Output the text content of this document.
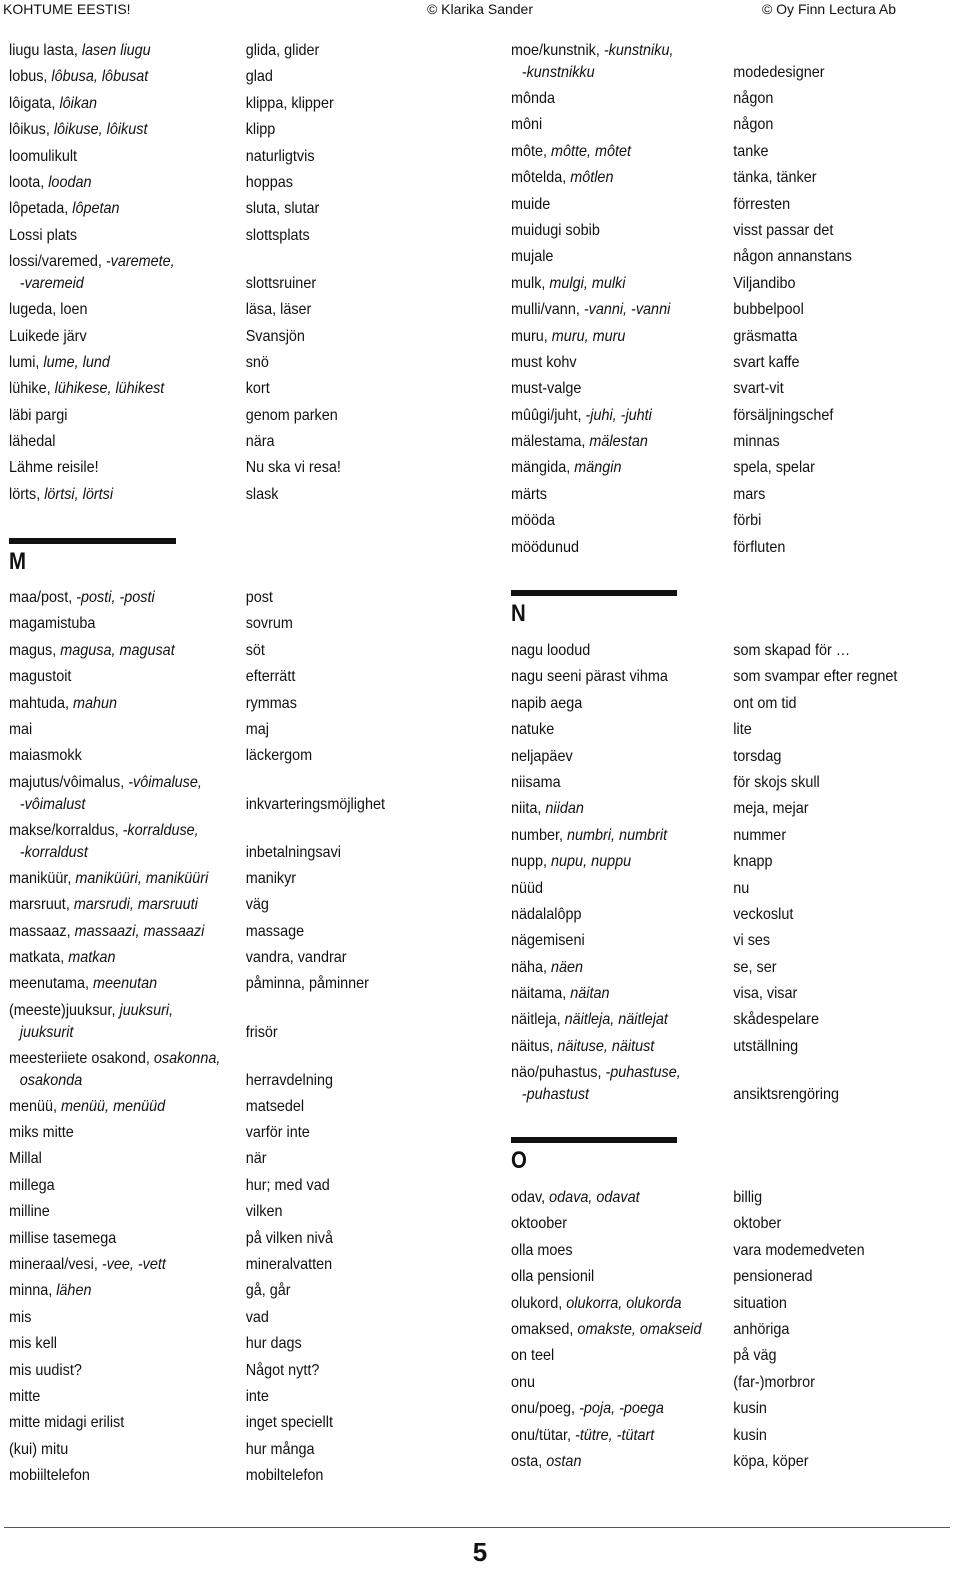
© Klarika Sander
KOHTUME EESTIS!	© Oy Finn Lectura Ab
liugu lasta, lasen liugu	glida, glider
lobus, lôbusa, lôbusat	glad
lôigata, lôikan	klippa, klipper
lôikus, lôikuse, lôikust	klipp
loomulikult	naturligtvis
loota, loodan	hoppas
lôpetada, lôpetan	sluta, slutar
Lossi plats	slottsplats
lossi/varemed, -varemete,
-varemeid	slottsruiner
lugeda, loen	läsa, läser
Luikede järv	Svansjön
lumi, lume, lund	snö
lühike, lühikese, lühikest	kort
läbi pargi	genom parken
lähedal	nära
Lähme reisile!	Nu ska vi resa!
lörts, lörtsi, lörtsi	slask
M
maa/post, -posti, -posti	post
magamistuba	sovrum
magus, magusa, magusat	söt
magustoit	efterrätt
mahtuda, mahun	rymmas
mai	maj
maiasmokk	läckergom
majutus/vôimalus, -vôimaluse,
-vôimalust	inkvarteringsmöjlighet
makse/korraldus, -korralduse,
-korraldust	inbetalningsavi
maniküür, maniküüri, maniküüri	manikyr
marsruut, marsrudi, marsruuti	väg
massaaz, massaazi, massaazi	massage
matkata, matkan	vandra, vandrar
meenutama, meenutan	påminna, påminner
(meeste)juuksur, juuksuri,
juuksurit	frisör
meesteriiete osakond, osakonna,
osakonda	herravdelning
menüü, menüü, menüüd	matsedel
miks mitte	varför inte
Millal	när
millega	hur; med vad
milline	vilken
millise tasemega	på vilken nivå
mineraal/vesi, -vee, -vett	mineralvatten
minna, lähen	gå, går
mis	vad
mis kell	hur dags
mis uudist?	Något nytt?
mitte	inte
mitte midagi erilist	inget speciellt
(kui) mitu	hur många
mobiiltelefon	mobiltelefon
moe/kunstnik, -kunstniku,
-kunstnikku	modedesigner
mônda	någon
môni	någon
môte, môtte, môtet	tanke
môtelda, môtlen	tänka, tänker
muide	förresten
muidugi sobib	visst passar det
mujale	någon annanstans
mulk, mulgi, mulki	Viljandibo
mulli/vann, -vanni, -vanni	bubbelpool
muru, muru, muru	gräsmatta
must kohv	svart kaffe
must-valge	svart-vit
mûûgi/juht, -juhi, -juhti	försäljningschef
mälestama, mälestan	minnas
mängida, mängin	spela, spelar
märts	mars
mööda	förbi
möödunud	förfluten
N
nagu loodud	som skapad för …
nagu seeni pärast vihma	som svampar efter regnet
napib aega	ont om tid
natuke	lite
neljapäev	torsdag
niisama	för skojs skull
niita, niidan	meja, mejar
number, numbri, numbrit	nummer
nupp, nupu, nuppu	knapp
nüüd	nu
nädalalôpp	veckoslut
nägemiseni	vi ses
näha, näen	se, ser
näitama, näitan	visa, visar
näitleja, näitleja, näitlejat	skådespelare
näitus, näituse, näitust	utställning
näo/puhastus, -puhastuse,
-puhastust	ansiktsrengöring
O
odav, odava, odavat	billig
oktoober	oktober
olla moes	vara modemedveten
olla pensionil	pensionerad
olukord, olukorra, olukorda	situation
omaksed, omakste, omakseid	anhöriga
on teel	på väg
onu	(far-)morbror
onu/poeg, -poja, -poega	kusin
onu/tütar, -tütre, -tütart	kusin
osta, ostan	köpa, köper
5
